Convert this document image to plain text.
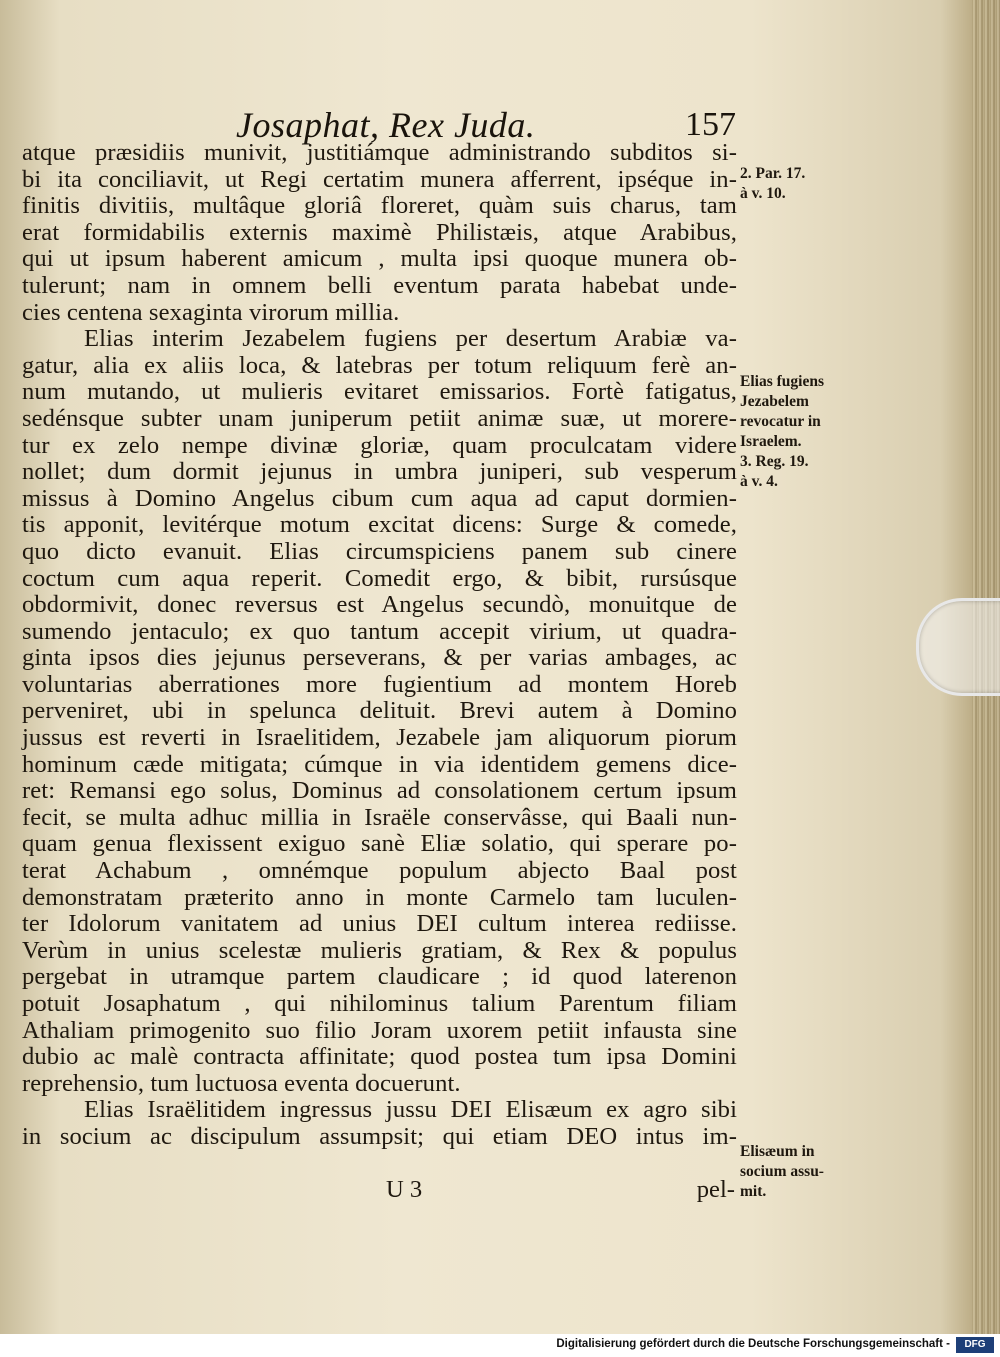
Josaphat, Rex Juda.	157
atque præsidiis munivit, justitiámque administrando subditos si-
bi ita conciliavit, ut Regi certatim munera afferrent, ipséque in-
finitis divitiis, multâque gloriâ floreret, quàm suis charus, tam
erat formidabilis externis maximè Philistæis, atque Arabibus,
qui ut ipsum haberent amicum , multa ipsi quoque munera ob-
tulerunt; nam in omnem belli eventum parata habebat unde-
cies centena sexaginta virorum millia.
Elias interim Jezabelem fugiens per desertum Arabiæ va-
gatur, alia ex aliis loca, & latebras per totum reliquum ferè an-
num mutando, ut mulieris evitaret emissarios. Fortè fatigatus,
sedénsque subter unam juniperum petiit animæ suæ, ut morere-
tur ex zelo nempe divinæ gloriæ, quam proculcatam videre
nollet; dum dormit jejunus in umbra juniperi, sub vesperum
missus à Domino Angelus cibum cum aqua ad caput dormien-
tis apponit, levitérque motum excitat dicens: Surge & comede,
quo dicto evanuit. Elias circumspiciens panem sub cinere
coctum cum aqua reperit. Comedit ergo, & bibit, rursúsque
obdormivit, donec reversus est Angelus secundò, monuitque de
sumendo jentaculo; ex quo tantum accepit virium, ut quadra-
ginta ipsos dies jejunus perseverans, & per varias ambages, ac
voluntarias aberrationes more fugientium ad montem Horeb
perveniret, ubi in spelunca delituit. Brevi autem à Domino
jussus est reverti in Israelitidem, Jezabele jam aliquorum piorum
hominum cæde mitigata; cúmque in via identidem gemens dice-
ret: Remansi ego solus, Dominus ad consolationem certum ipsum
fecit, se multa adhuc millia in Israële conservâsse, qui Baali nun-
quam genua flexissent exiguo sanè Eliæ solatio, qui sperare po-
terat Achabum , omnémque populum abjecto Baal post
demonstratam præterito anno in monte Carmelo tam luculen-
ter Idolorum vanitatem ad unius DEI cultum interea rediisse.
Verùm in unius scelestæ mulieris gratiam, & Rex & populus
pergebat in utramque partem claudicare ; id quod laterenon
potuit Josaphatum , qui nihilominus talium Parentum filiam
Athaliam primogenito suo filio Joram uxorem petiit infausta sine
dubio ac malè contracta affinitate; quod postea tum ipsa Domini
reprehensio, tum luctuosa eventa docuerunt.
Elias Israëlitidem ingressus jussu DEI Elisæum ex agro sibi
in socium ac discipulum assumpsit; qui etiam DEO intus im-
U 3	pel-
2. Par. 17.
à v. 10.
Elias fugiens
Jezabelem
revocatur in
Israelem.
3. Reg. 19.
à v. 4.
Elisæum in
socium assu-
mit.
Digitalisierung gefördert durch die Deutsche Forschungsgemeinschaft -	DFG
